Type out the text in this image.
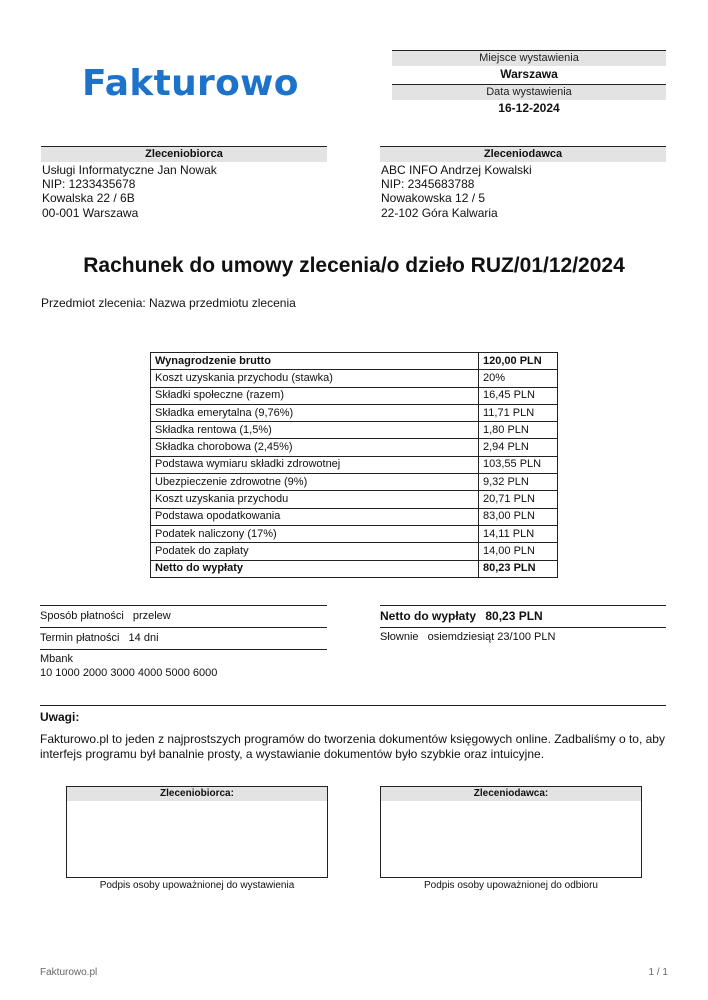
Fakturowo
Miejsce wystawienia
Warszawa
Data wystawienia
16-12-2024
Zleceniobiorca
Usługi Informatyczne Jan Nowak
NIP: 1233435678
Kowalska 22 / 6B
00-001 Warszawa
Zleceniodawca
ABC INFO Andrzej Kowalski
NIP: 2345683788
Nowakowska 12 / 5
22-102 Góra Kalwaria
Rachunek do umowy zlecenia/o dzieło RUZ/01/12/2024
Przedmiot zlecenia: Nazwa przedmiotu zlecenia
Wynagrodzenie brutto	120,00 PLN
Koszt uzyskania przychodu (stawka)	20%
Składki społeczne (razem)	16,45 PLN
Składka emerytalna (9,76%)	11,71 PLN
Składka rentowa (1,5%)	1,80 PLN
Składka chorobowa (2,45%)	2,94 PLN
Podstawa wymiaru składki zdrowotnej	103,55 PLN
Ubezpieczenie zdrowotne (9%)	9,32 PLN
Koszt uzyskania przychodu	20,71 PLN
Podstawa opodatkowania	83,00 PLN
Podatek naliczony (17%)	14,11 PLN
Podatek do zapłaty	14,00 PLN
Netto do wypłaty	80,23 PLN
Sposób płatności przelew
Termin płatności 14 dni
Mbank
10 1000 2000 3000 4000 5000 6000
Netto do wypłaty 80,23 PLN
Słownie osiemdziesiąt 23/100 PLN
Uwagi:
Fakturowo.pl to jeden z najprostszych programów do tworzenia dokumentów księgowych online. Zadbaliśmy o to, aby interfejs programu był banalnie prosty, a wystawianie dokumentów było szybkie oraz intuicyjne.
Zleceniobiorca:
Podpis osoby upoważnionej do wystawienia
Zleceniodawca:
Podpis osoby upoważnionej do odbioru
Fakturowo.pl	1 / 1
